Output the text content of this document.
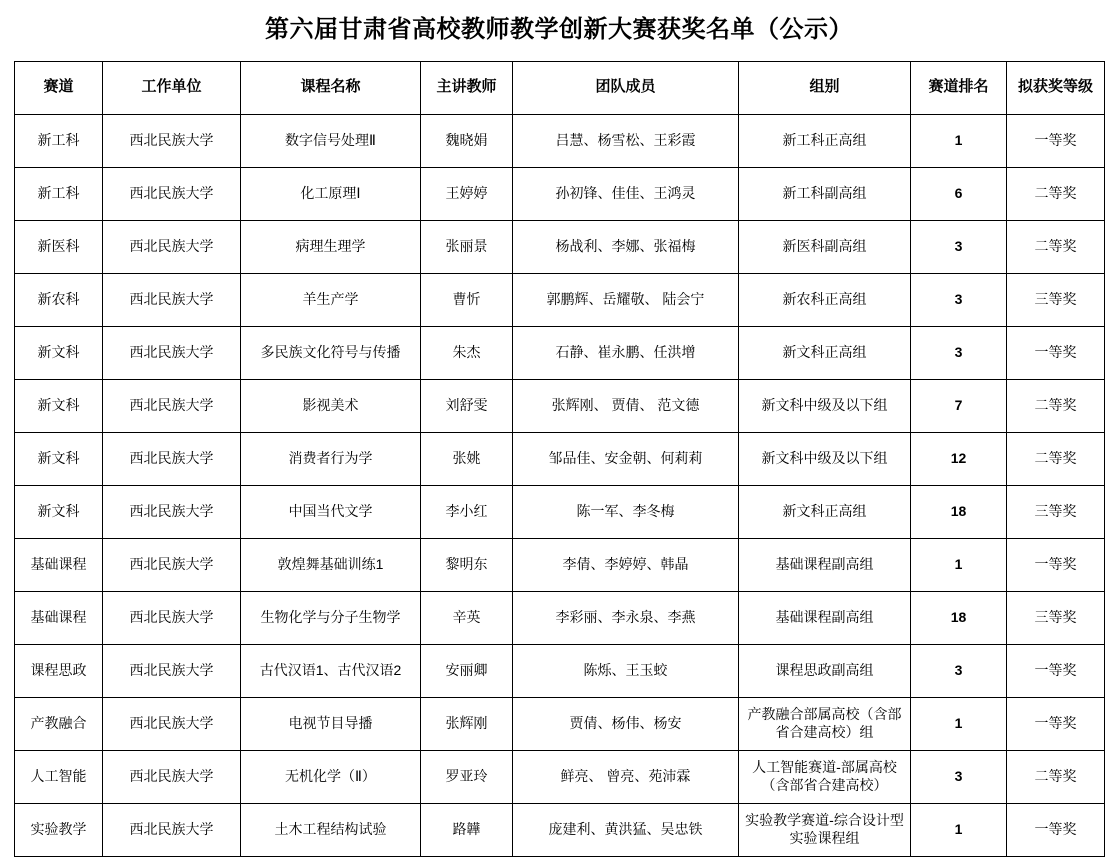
第六届甘肃省高校教师教学创新大赛获奖名单（公示）
赛道	工作单位	课程名称	主讲教师	团队成员	组别	赛道排名	拟获奖等级
新工科	西北民族大学	数字信号处理Ⅱ	魏晓娟	吕慧、杨雪松、王彩霞	新工科正高组	1	一等奖
新工科	西北民族大学	化工原理Ⅰ	王婷婷	孙初锋、佳佳、王鸿灵	新工科副高组	6	二等奖
新医科	西北民族大学	病理生理学	张丽景	杨战利、李娜、张福梅	新医科副高组	3	二等奖
新农科	西北民族大学	羊生产学	曹忻	郭鹏辉、岳耀敬、 陆会宁	新农科正高组	3	三等奖
新文科	西北民族大学	多民族文化符号与传播	朱杰	石静、崔永鹏、任洪增	新文科正高组	3	一等奖
新文科	西北民族大学	影视美术	刘舒雯	张辉刚、 贾倩、 范文德	新文科中级及以下组	7	二等奖
新文科	西北民族大学	消费者行为学	张姚	邹品佳、安金朝、何莉莉	新文科中级及以下组	12	二等奖
新文科	西北民族大学	中国当代文学	李小红	陈一军、李冬梅	新文科正高组	18	三等奖
基础课程	西北民族大学	敦煌舞基础训练1	黎明东	李倩、李婷婷、韩晶	基础课程副高组	1	一等奖
基础课程	西北民族大学	生物化学与分子生物学	辛英	李彩丽、李永泉、李燕	基础课程副高组	18	三等奖
课程思政	西北民族大学	古代汉语1、古代汉语2	安丽卿	陈烁、王玉蛟	课程思政副高组	3	一等奖
产教融合	西北民族大学	电视节目导播	张辉刚	贾倩、杨伟、杨安	产教融合部属高校（含部省合建高校）组	1	一等奖
人工智能	西北民族大学	无机化学（Ⅱ）	罗亚玲	鲜亮、 曾亮、苑沛霖	人工智能赛道-部属高校（含部省合建高校）	3	二等奖
实验教学	西北民族大学	土木工程结构试验	路韡	庞建利、黄洪猛、吴忠铁	实验教学赛道-综合设计型实验课程组	1	一等奖
